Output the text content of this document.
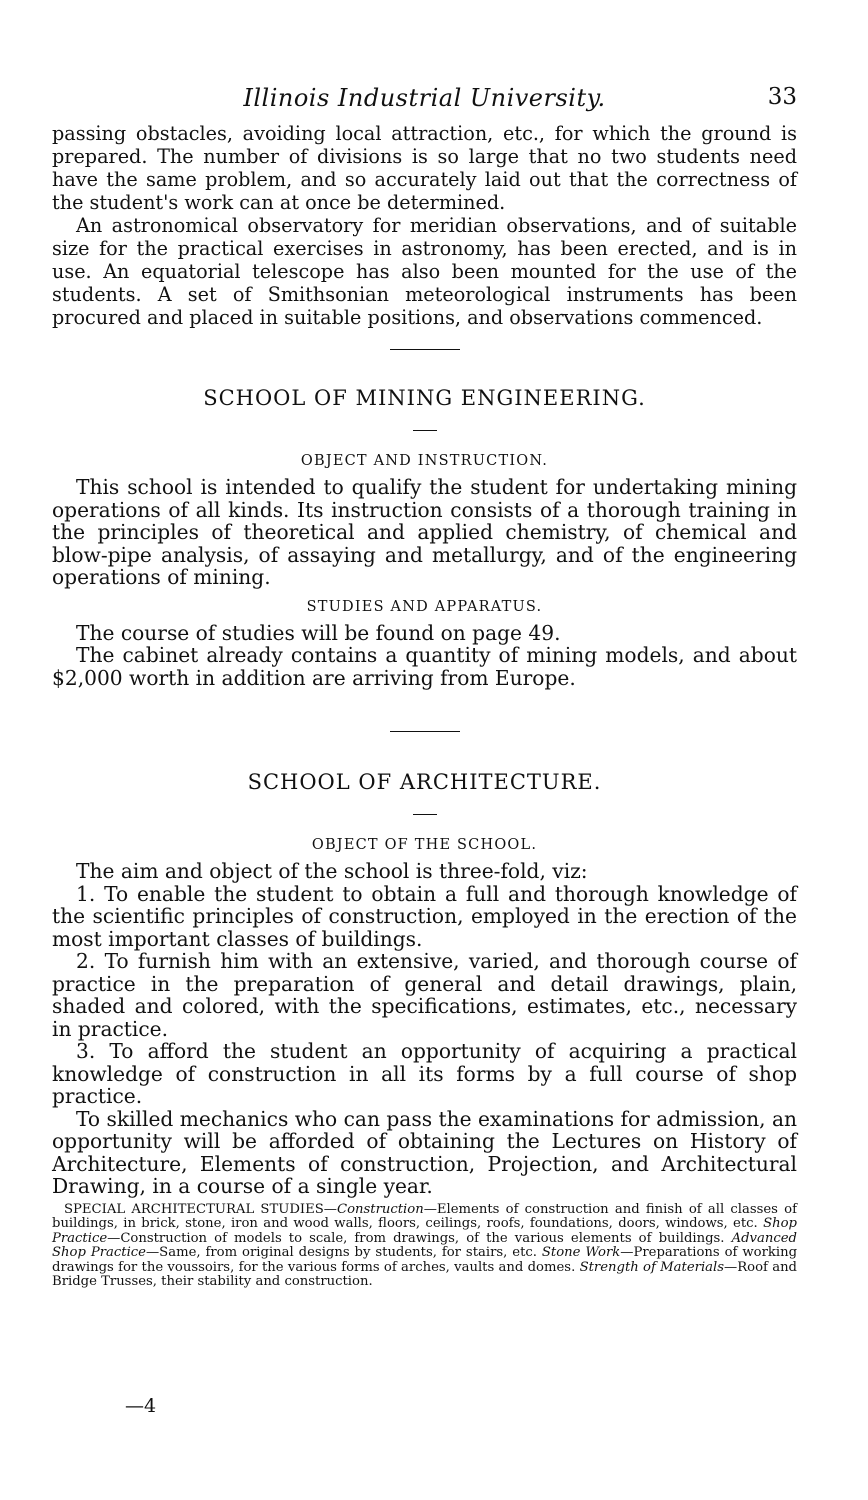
Illinois Industrial University.	33

passing obstacles, avoiding local attraction, etc., for which the ground is prepared. The number of divisions is so large that no two students need have the same problem, and so accurately laid out that the correctness of the student's work can at once be determined.

An astronomical observatory for meridian observations, and of suitable size for the practical exercises in astronomy, has been erected, and is in use. An equatorial telescope has also been mounted for the use of the students. A set of Smithsonian meteorological instruments has been procured and placed in suitable positions, and observations commenced.

SCHOOL OF MINING ENGINEERING.
OBJECT AND INSTRUCTION.

This school is intended to qualify the student for undertaking mining operations of all kinds. Its instruction consists of a thorough training in the principles of theoretical and applied chemistry, of chemical and blow-pipe analysis, of assaying and metallurgy, and of the engineering operations of mining.

STUDIES AND APPARATUS.

The course of studies will be found on page 49.

The cabinet already contains a quantity of mining models, and about $2,000 worth in addition are arriving from Europe.

SCHOOL OF ARCHITECTURE.
OBJECT OF THE SCHOOL.

The aim and object of the school is three-fold, viz:

1. To enable the student to obtain a full and thorough knowledge of the scientific principles of construction, employed in the erection of the most important classes of buildings.

2. To furnish him with an extensive, varied, and thorough course of practice in the preparation of general and detail drawings, plain, shaded and colored, with the specifications, estimates, etc., necessary in practice.

3. To afford the student an opportunity of acquiring a practical knowledge of construction in all its forms by a full course of shop practice.

To skilled mechanics who can pass the examinations for admission, an opportunity will be afforded of obtaining the Lectures on History of Architecture, Elements of construction, Projection, and Architectural Drawing, in a course of a single year.

SPECIAL ARCHITECTURAL STUDIES—Construction—Elements of construction and finish of all classes of buildings, in brick, stone, iron and wood walls, floors, ceilings, roofs, foundations, doors, windows, etc. Shop Practice—Construction of models to scale, from drawings, of the various elements of buildings. Advanced Shop Practice—Same, from original designs by students, for stairs, etc. Stone Work—Preparations of working drawings for the voussoirs, for the various forms of arches, vaults and domes. Strength of Materials—Roof and Bridge Trusses, their stability and construction.

—4
